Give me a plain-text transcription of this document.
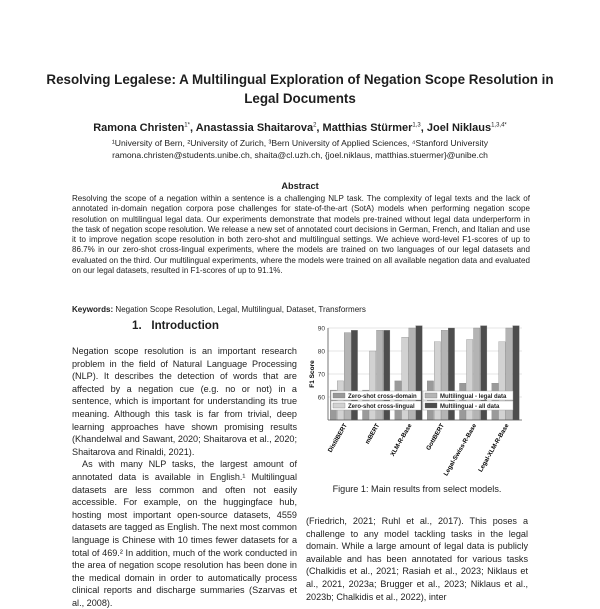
Resolving Legalese: A Multilingual Exploration of Negation Scope Resolution in Legal Documents
Ramona Christen$^{1*}$, Anastassia Shaitarova$^2$, Matthias Stürmer$^{1,3}$, Joel Niklaus$^{1,3,4*}$
¹University of Bern, ²University of Zurich, ³Bern University of Applied Sciences, ⁴Stanford University
ramona.christen@students.unibe.ch, shaita@cl.uzh.ch, {joel.niklaus, matthias.stuermer}@unibe.ch
Abstract
Resolving the scope of a negation within a sentence is a challenging NLP task. The complexity of legal texts and the lack of annotated in-domain negation corpora pose challenges for state-of-the-art (SotA) models when performing negation scope resolution on multilingual legal data. Our experiments demonstrate that models pre-trained without legal data underperform in the task of negation scope resolution. We release a new set of annotated court decisions in German, French, and Italian and use it to improve negation scope resolution in both zero-shot and multilingual settings. We achieve word-level F1-scores of up to 86.7% in our zero-shot cross-lingual experiments, where the models are trained on two languages of our legal datasets and evaluated on the third. Our multilingual experiments, where the models were trained on all available negation data and evaluated on our legal datasets, resulted in F1-scores of up to 91.1%.
Keywords: Negation Scope Resolution, Legal, Multilingual, Dataset, Transformers
1. Introduction

Negation scope resolution is an important research problem in the field of Natural Language Processing (NLP). It describes the detection of words that are affected by a negation cue (e.g. no or not) in a sentence, which is important for understanding its true meaning. Although this task is far from trivial, deep learning approaches have shown promising results (Khandelwal and Sawant, 2020; Shaitarova et al., 2020; Shaitarova and Rinaldi, 2021).

As with many NLP tasks, the largest amount of annotated data is available in English.¹ Multilingual datasets are less common and often not easily accessible. For example, on the huggingface hub, hosting most important open-source datasets, 4559 datasets are tagged as English. The next most common language is Chinese with 10 times fewer datasets for a total of 469.² In addition, much of the work conducted in the area of negation scope resolution has been done in the medical domain in order to automatically process clinical reports and discharge summaries (Szarvas et al., 2008).

60
70
80
90
F1 Score
Zero-shot cross-domain
Zero-shot cross-lingual
Multilingual - legal data
Multilingual - all data
DistilBERT mBERT XLM-R-Base GottBERT
Legal-Swiss-R-Base
Legal-XLM-R-Base
Figure 1: Main results from select models.

(Friedrich, 2021; Ruhl et al., 2017). This poses a challenge to any model tackling tasks in the legal domain. While a large amount of legal data is publicly available and has been annotated for various tasks (Chalkidis et al., 2021; Rasiah et al., 2023; Niklaus et al., 2021, 2023a; Brugger et al., 2023; Niklaus et al., 2023b; Chalkidis et al., 2022), inter
